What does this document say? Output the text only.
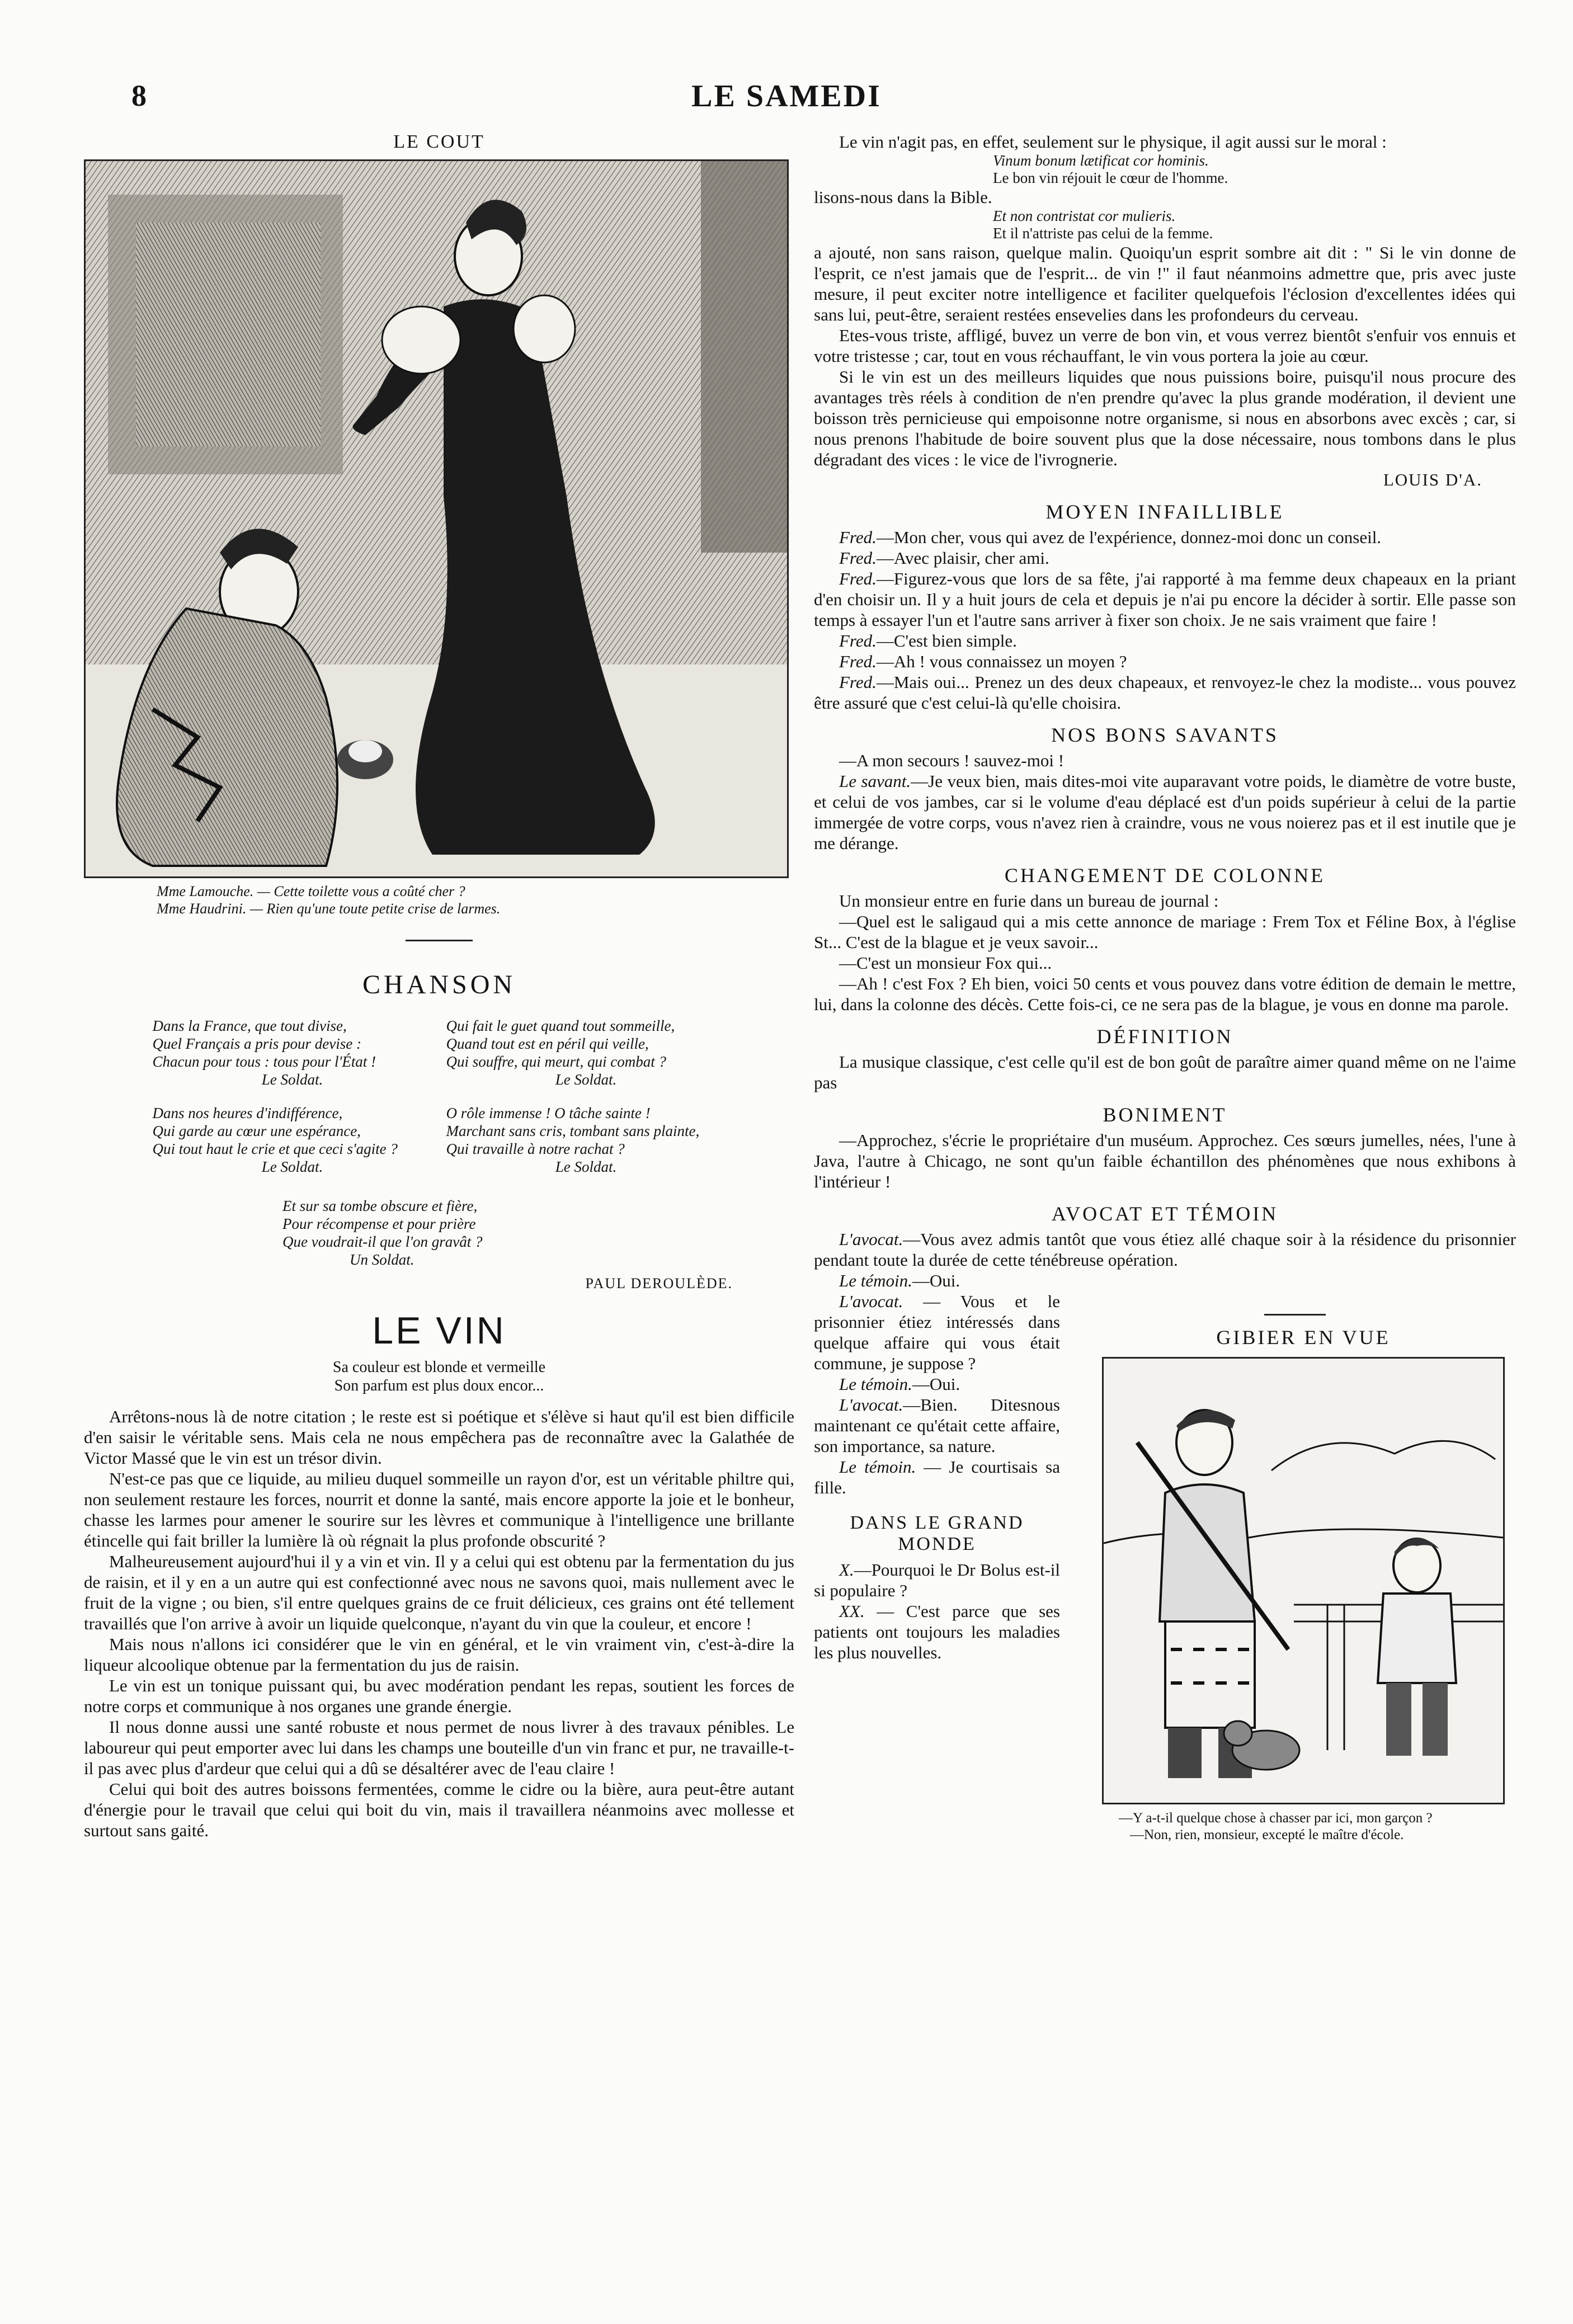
8	LE SAMEDI
LE COUT
Mme Lamouche. — Cette toilette vous a coûté cher ?
Mme Haudrini. — Rien qu'une toute petite crise de larmes.
CHANSON
Dans la France, que tout divise,
Quel Français a pris pour devise :
Chacun pour tous : tous pour l'État !
Le Soldat.
Qui fait le guet quand tout sommeille,
Quand tout est en péril qui veille,
Qui souffre, qui meurt, qui combat ?
Le Soldat.
Dans nos heures d'indifférence,
Qui garde au cœur une espérance,
Qui tout haut le crie et que ceci s'agite ?
Le Soldat.
O rôle immense ! O tâche sainte !
Marchant sans cris, tombant sans plainte,
Qui travaille à notre rachat ?
Le Soldat.
Et sur sa tombe obscure et fière,
Pour récompense et pour prière
Que voudrait-il que l'on gravât ?
Un Soldat.
PAUL DEROULÈDE.
LE VIN
Sa couleur est blonde et vermeille
Son parfum est plus doux encor...

Arrêtons-nous là de notre citation ; le reste est si poétique et s'élève si haut qu'il est bien difficile d'en saisir le véritable sens. Mais cela ne nous empêchera pas de reconnaître avec la Galathée de Victor Massé que le vin est un trésor divin.

N'est-ce pas que ce liquide, au milieu duquel sommeille un rayon d'or, est un véritable philtre qui, non seulement restaure les forces, nourrit et donne la santé, mais encore apporte la joie et le bonheur, chasse les larmes pour amener le sourire sur les lèvres et communique à l'intelligence une brillante étincelle qui fait briller la lumière là où régnait la plus profonde obscurité ?

Malheureusement aujourd'hui il y a vin et vin. Il y a celui qui est obtenu par la fermentation du jus de raisin, et il y en a un autre qui est confectionné avec nous ne savons quoi, mais nullement avec le fruit de la vigne ; ou bien, s'il entre quelques grains de ce fruit délicieux, ces grains ont été tellement travaillés que l'on arrive à avoir un liquide quelconque, n'ayant du vin que la couleur, et encore !

Mais nous n'allons ici considérer que le vin en général, et le vin vraiment vin, c'est-à-dire la liqueur alcoolique obtenue par la fermentation du jus de raisin.

Le vin est un tonique puissant qui, bu avec modération pendant les repas, soutient les forces de notre corps et communique à nos organes une grande énergie.

Il nous donne aussi une santé robuste et nous permet de nous livrer à des travaux pénibles. Le laboureur qui peut emporter avec lui dans les champs une bouteille d'un vin franc et pur, ne travaille-t-il pas avec plus d'ardeur que celui qui a dû se désaltérer avec de l'eau claire !

Celui qui boit des autres boissons fermentées, comme le cidre ou la bière, aura peut-être autant d'énergie pour le travail que celui qui boit du vin, mais il travaillera néanmoins avec mollesse et surtout sans gaité.

Le vin n'agit pas, en effet, seulement sur le physique, il agit aussi sur le moral :

Vinum bonum lætificat cor hominis.
Le bon vin réjouit le cœur de l'homme.

lisons-nous dans la Bible.

Et non contristat cor mulieris.
Et il n'attriste pas celui de la femme.

a ajouté, non sans raison, quelque malin. Quoiqu'un esprit sombre ait dit : " Si le vin donne de l'esprit, ce n'est jamais que de l'esprit... de vin !" il faut néanmoins admettre que, pris avec juste mesure, il peut exciter notre intelligence et faciliter quelquefois l'éclosion d'excellentes idées qui sans lui, peut-être, seraient restées ensevelies dans les profondeurs du cerveau.

Etes-vous triste, affligé, buvez un verre de bon vin, et vous verrez bientôt s'enfuir vos ennuis et votre tristesse ; car, tout en vous réchauffant, le vin vous portera la joie au cœur.

Si le vin est un des meilleurs liquides que nous puissions boire, puisqu'il nous procure des avantages très réels à condition de n'en prendre qu'avec la plus grande modération, il devient une boisson très pernicieuse qui empoisonne notre organisme, si nous en absorbons avec excès ; car, si nous prenons l'habitude de boire souvent plus que la dose nécessaire, nous tombons dans le plus dégradant des vices : le vice de l'ivrognerie.

LOUIS D'A.
MOYEN INFAILLIBLE

Fred.—Mon cher, vous qui avez de l'expérience, donnez-moi donc un conseil.

Fred.—Avec plaisir, cher ami.

Fred.—Figurez-vous que lors de sa fête, j'ai rapporté à ma femme deux chapeaux en la priant d'en choisir un. Il y a huit jours de cela et depuis je n'ai pu encore la décider à sortir. Elle passe son temps à essayer l'un et l'autre sans arriver à fixer son choix. Je ne sais vraiment que faire !

Fred.—C'est bien simple.

Fred.—Ah ! vous connaissez un moyen ?

Fred.—Mais oui... Prenez un des deux chapeaux, et renvoyez-le chez la modiste... vous pouvez être assuré que c'est celui-là qu'elle choisira.

NOS BONS SAVANTS

—A mon secours ! sauvez-moi !

Le savant.—Je veux bien, mais dites-moi vite auparavant votre poids, le diamètre de votre buste, et celui de vos jambes, car si le volume d'eau déplacé est d'un poids supérieur à celui de la partie immergée de votre corps, vous n'avez rien à craindre, vous ne vous noierez pas et il est inutile que je me dérange.

CHANGEMENT DE COLONNE

Un monsieur entre en furie dans un bureau de journal :

—Quel est le saligaud qui a mis cette annonce de mariage : Frem Tox et Féline Box, à l'église St... C'est de la blague et je veux savoir...

—C'est un monsieur Fox qui...

—Ah ! c'est Fox ? Eh bien, voici 50 cents et vous pouvez dans votre édition de demain le mettre, lui, dans la colonne des décès. Cette fois-ci, ce ne sera pas de la blague, je vous en donne ma parole.

DÉFINITION

La musique classique, c'est celle qu'il est de bon goût de paraître aimer quand même on ne l'aime pas

BONIMENT

—Approchez, s'écrie le propriétaire d'un muséum. Approchez. Ces sœurs jumelles, nées, l'une à Java, l'autre à Chicago, ne sont qu'un faible échantillon des phénomènes que nous exhibons à l'intérieur !

AVOCAT ET TÉMOIN

L'avocat.—Vous avez admis tantôt que vous étiez allé chaque soir à la résidence du prisonnier pendant toute la durée de cette ténébreuse opération.

Le témoin.—Oui.

L'avocat. — Vous et le prisonnier étiez intéressés dans quelque affaire qui vous était commune, je suppose ?

Le témoin.—Oui.

L'avocat.—Bien. Ditesnous maintenant ce qu'était cette affaire, son importance, sa nature.

Le témoin. — Je courtisais sa fille.

DANS LE GRAND
MONDE

X.—Pourquoi le Dr Bolus est-il si populaire ?

XX. — C'est parce que ses patients ont toujours les maladies les plus nouvelles.

GIBIER EN VUE
—Y a-t-il quelque chose à chasser par ici, mon garçon ?
—Non, rien, monsieur, excepté le maître d'école.
